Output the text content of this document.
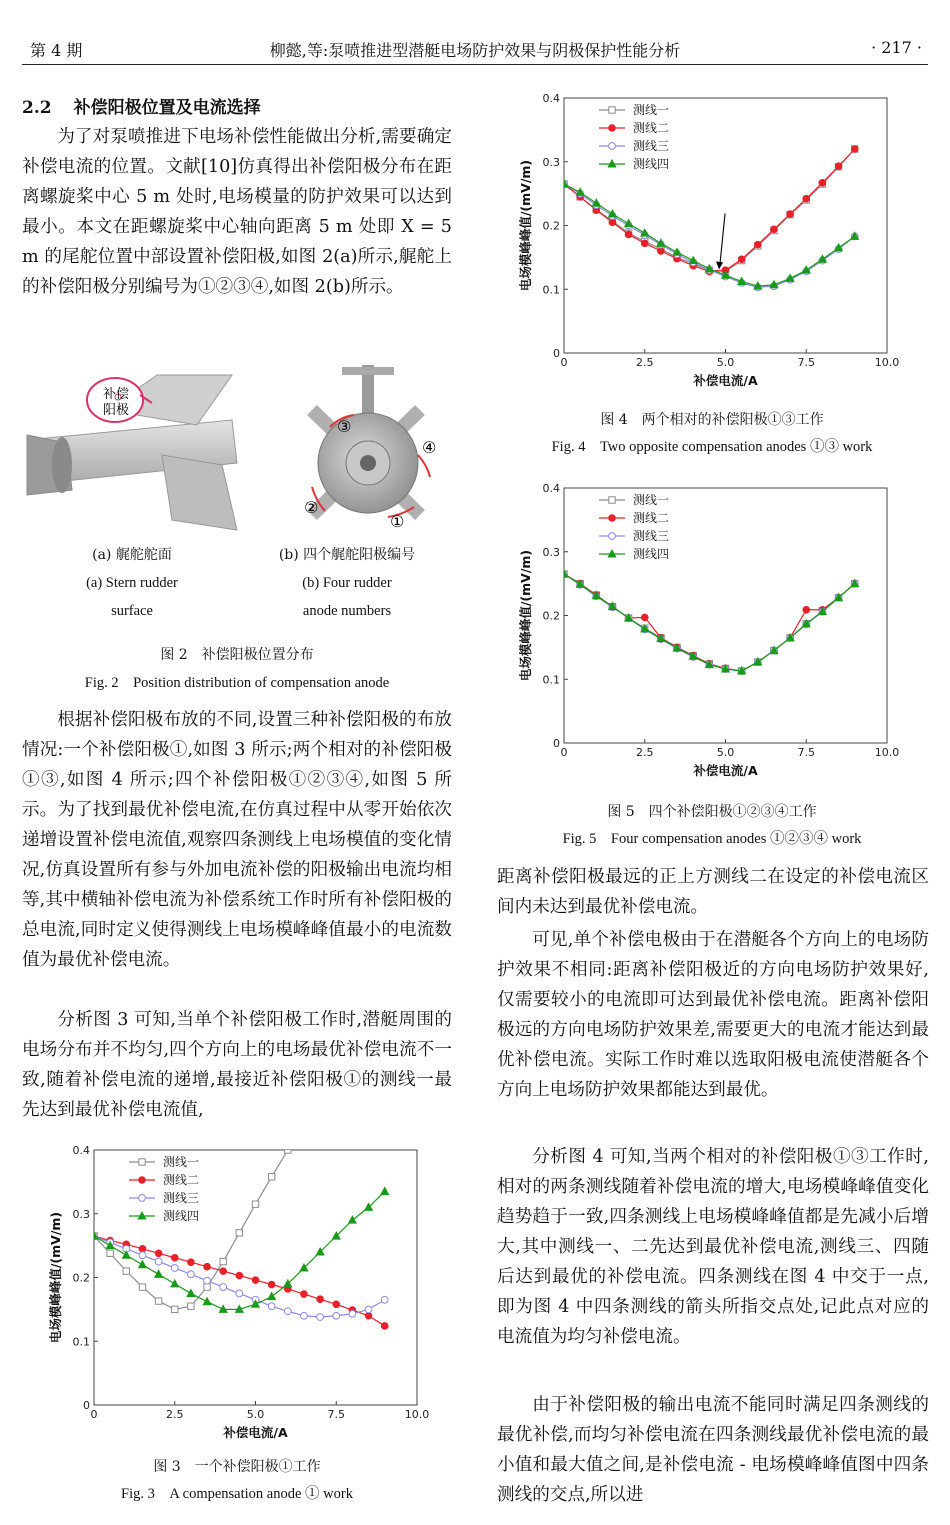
第 4 期	柳懿,等:泵喷推进型潜艇电场防护效果与阴极保护性能分析	· 217 ·
2.2 补偿阳极位置及电流选择

为了对泵喷推进下电场补偿性能做出分析,需要确定补偿电流的位置。文献[10]仿真得出补偿阳极分布在距离螺旋桨中心 5 m 处时,电场模量的防护效果可以达到最小。本文在距螺旋桨中心轴向距离 5 m 处即 X = 5 m 的尾舵位置中部设置补偿阳极,如图 2(a)所示,艉舵上的补偿阳极分别编号为①②③④,如图 2(b)所示。

补偿
阳极
③
④
②
①
(a) 艉舵舵面	(b) 四个艉舵阳极编号
(a) Stern rudder
surface
(b) Four rudder
anode numbers
图 2　补偿阳极位置分布
Fig. 2　Position distribution of compensation anode

根据补偿阳极布放的不同,设置三种补偿阳极的布放情况:一个补偿阳极①,如图 3 所示;两个相对的补偿阳极①③,如图 4 所示;四个补偿阳极①②③④,如图 5 所示。为了找到最优补偿电流,在仿真过程中从零开始依次递增设置补偿电流值,观察四条测线上电场模值的变化情况,仿真设置所有参与外加电流补偿的阳极输出电流均相等,其中横轴补偿电流为补偿系统工作时所有补偿阳极的总电流,同时定义使得测线上电场模峰峰值最小的电流数值为最优补偿电流。

分析图 3 可知,当单个补偿阳极工作时,潜艇周围的电场分布并不均匀,四个方向上的电场最优补偿电流不一致,随着补偿电流的递增,最接近补偿阳极①的测线一最先达到最优补偿电流值,

0	2.5	5.0	7.5	10.0
0
0.1
0.2
0.3
0.4
补偿电流/A
电场模峰峰值/(mV/m)
测线一
测线二
测线三
测线四
图 3　一个补偿阳极①工作
Fig. 3　A compensation anode ① work
0	2.5	5.0	7.5	10.0
0
0.1
0.2
0.3
0.4
补偿电流/A
电场模峰峰值/(mV/m)
测线一
测线二
测线三
测线四
图 4　两个相对的补偿阳极①③工作
Fig. 4　Two opposite compensation anodes ①③ work
0	2.5	5.0	7.5	10.0
0
0.1
0.2
0.3
0.4
补偿电流/A
电场模峰峰值/(mV/m)
测线一
测线二
测线三
测线四
图 5　四个补偿阳极①②③④工作
Fig. 5　Four compensation anodes ①②③④ work

距离补偿阳极最远的正上方测线二在设定的补偿电流区间内未达到最优补偿电流。

可见,单个补偿电极由于在潜艇各个方向上的电场防护效果不相同:距离补偿阳极近的方向电场防护效果好,仅需要较小的电流即可达到最优补偿电流。距离补偿阳极远的方向电场防护效果差,需要更大的电流才能达到最优补偿电流。实际工作时难以选取阳极电流使潜艇各个方向上电场防护效果都能达到最优。

分析图 4 可知,当两个相对的补偿阳极①③工作时,相对的两条测线随着补偿电流的增大,电场模峰峰值变化趋势趋于一致,四条测线上电场模峰峰值都是先减小后增大,其中测线一、二先达到最优补偿电流,测线三、四随后达到最优的补偿电流。四条测线在图 4 中交于一点,即为图 4 中四条测线的箭头所指交点处,记此点对应的电流值为均匀补偿电流。

由于补偿阳极的输出电流不能同时满足四条测线的最优补偿,而均匀补偿电流在四条测线最优补偿电流的最小值和最大值之间,是补偿电流 - 电场模峰峰值图中四条测线的交点,所以进
